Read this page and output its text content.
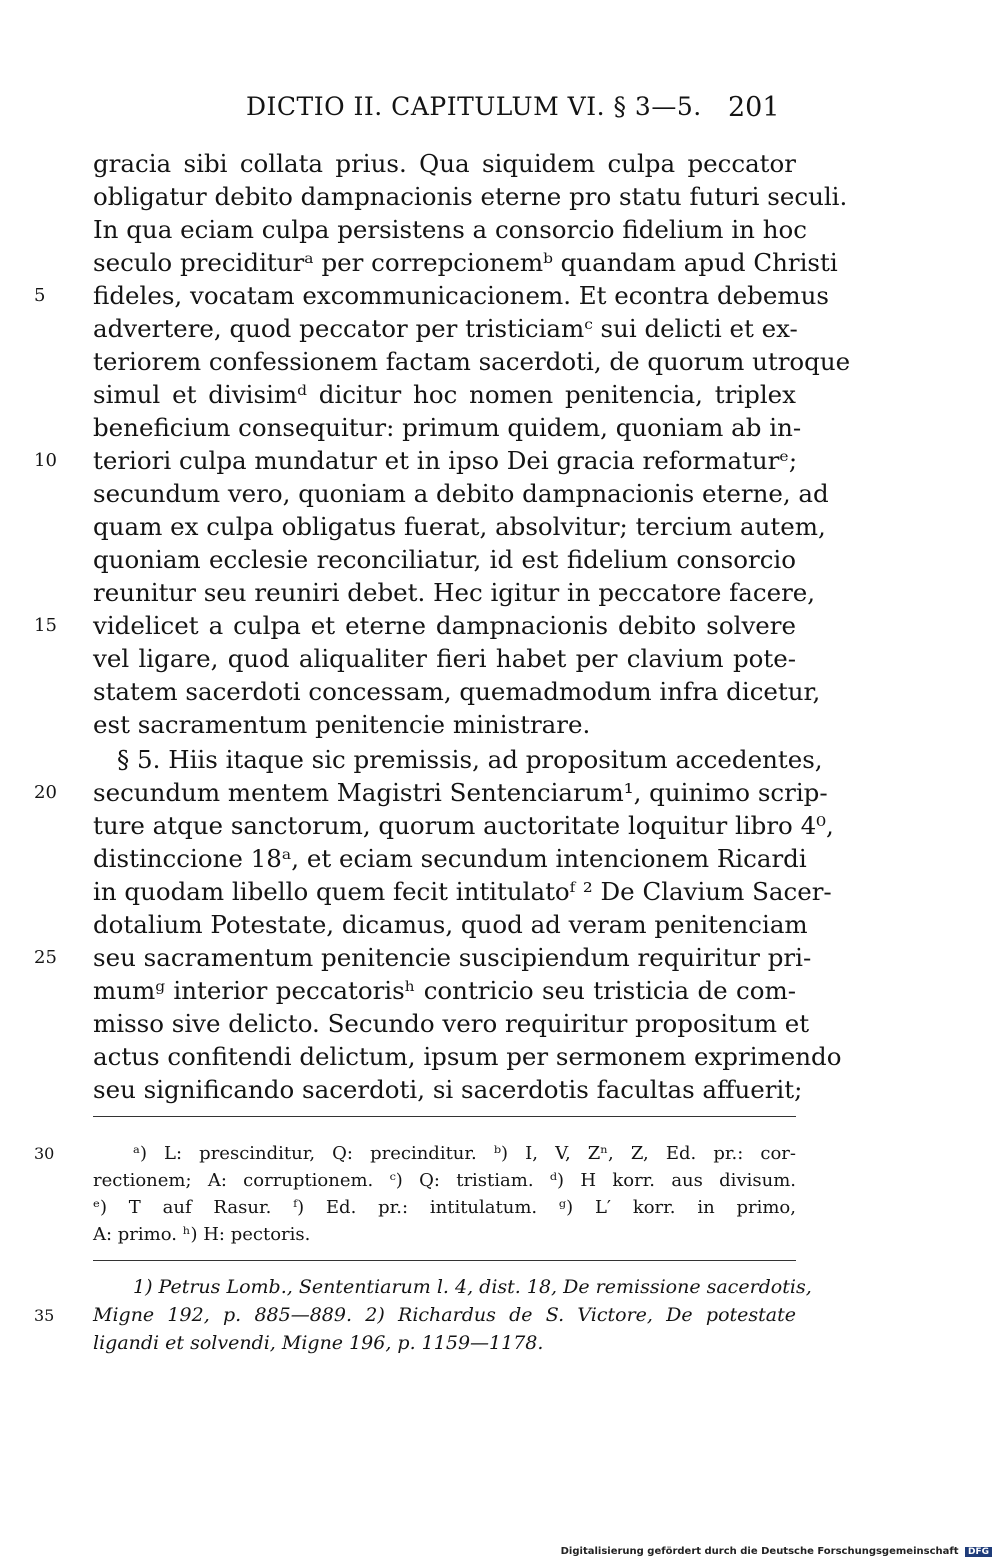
DICTIO II. CAPITULUM VI. § 3—5. 201
gracia sibi collata prius. Qua siquidem culpa peccator
obligatur debito dampnacionis eterne pro statu futuri seculi.
In qua eciam culpa persistens a consorcio fidelium in hoc
seculo preciditurᵃ per correpcionemᵇ quandam apud Christi
fideles, vocatam excommunicacionem. Et econtra debemus
advertere, quod peccator per tristiciamᶜ sui delicti et ex-
teriorem confessionem factam sacerdoti, de quorum utroque
simul et divisimᵈ dicitur hoc nomen penitencia, triplex
beneficium consequitur: primum quidem, quoniam ab in-
teriori culpa mundatur et in ipso Dei gracia reformaturᵉ;
secundum vero, quoniam a debito dampnacionis eterne, ad
quam ex culpa obligatus fuerat, absolvitur; tercium autem,
quoniam ecclesie reconciliatur, id est fidelium consorcio
reunitur seu reuniri debet. Hec igitur in peccatore facere,
videlicet a culpa et eterne dampnacionis debito solvere
vel ligare, quod aliqualiter fieri habet per clavium pote-
statem sacerdoti concessam, quemadmodum infra dicetur,
est sacramentum penitencie ministrare.
§ 5. Hiis itaque sic premissis, ad propositum accedentes,
secundum mentem Magistri Sentenciarum¹, quinimo scrip-
ture atque sanctorum, quorum auctoritate loquitur libro 4⁰,
distinccione 18ᵃ, et eciam secundum intencionem Ricardi
in quodam libello quem fecit intitulatoᶠ ² De Clavium Sacer-
dotalium Potestate, dicamus, quod ad veram penitenciam
seu sacramentum penitencie suscipiendum requiritur pri-
mumᵍ interior peccatorisʰ contricio seu tristicia de com-
misso sive delicto. Secundo vero requiritur propositum et
actus confitendi delictum, ipsum per sermonem exprimendo
seu significando sacerdoti, si sacerdotis facultas affuerit;
5
10
15
20
25
30	ᵃ) L: prescinditur, Q: precinditur. ᵇ) I, V, Zⁿ, Z, Ed. pr.: cor-
rectionem; A: corruptionem. ᶜ) Q: tristiam. ᵈ) H korr. aus divisum.
ᵉ) T auf Rasur. ᶠ) Ed. pr.: intitulatum. ᵍ) L′ korr. in primo,
A: primo. ʰ) H: pectoris.
1) Petrus Lomb., Sententiarum l. 4, dist. 18, De remissione sacerdotis,
35 Migne 192, p. 885—889. 2) Richardus de S. Victore, De potestate
ligandi et solvendi, Migne 196, p. 1159—1178.
Digitalisierung gefördert durch die Deutsche Forschungsgemeinschaft DFG
